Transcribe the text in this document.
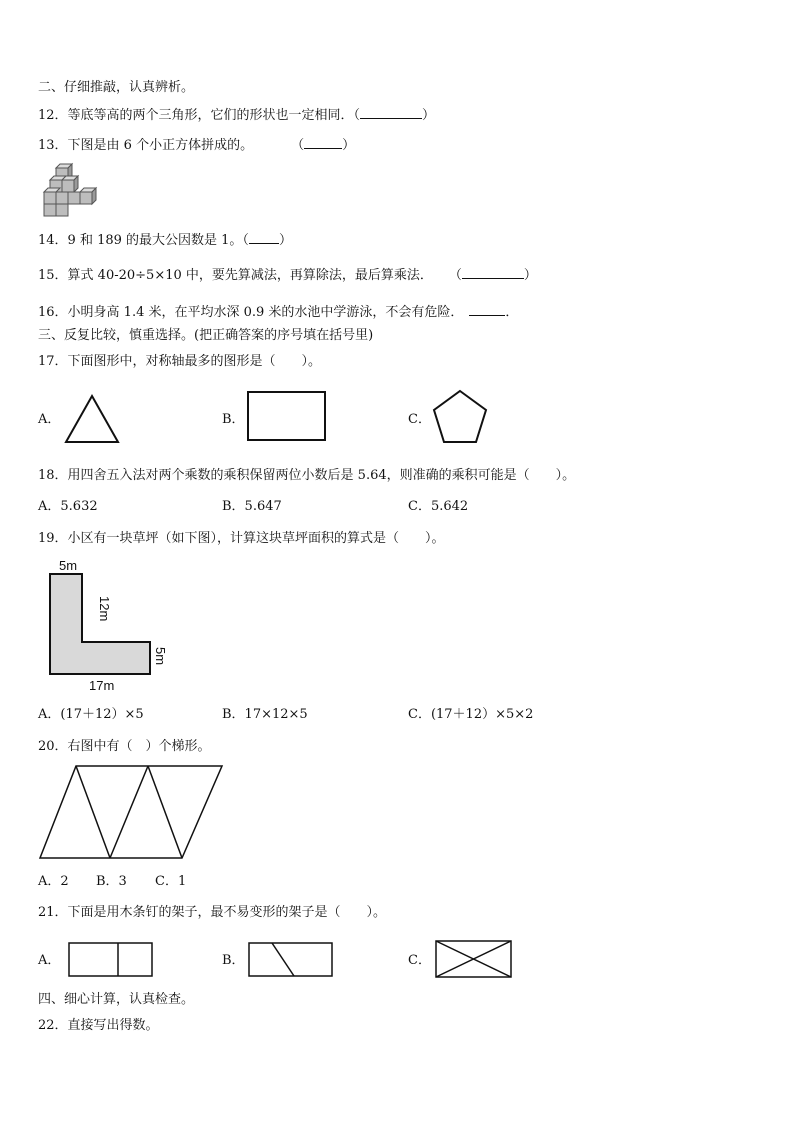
二、仔细推敲，认真辨析。
12．等底等高的两个三角形，它们的形状也一定相同．（	）
13．下图是由 6 个小正方体拼成的。	（	）
14．9 和 189 的最大公因数是 1。（ ）
15．算式 40-20÷5×10 中，要先算减法，再算除法，最后算乘法． （	）
16．小明身高 1.4 米，在平均水深 0.9 米的水池中学游泳，不会有危险．	．
三、反复比较，慎重选择。(把正确答案的序号填在括号里)
17．下面图形中，对称轴最多的图形是（　　）。
A．	B．	C．
18．用四舍五入法对两个乘数的乘积保留两位小数后是 5.64，则准确的乘积可能是（　　）。
A．5.632	B．5.647	C．5.642
19．小区有一块草坪（如下图），计算这块草坪面积的算式是（　　）。
5m
12m
5m
17m
A．(17＋12）×5	B．17×12×5	C．(17＋12）×5×2
20．右图中有（　）个梯形。
A．2 B．3 C．1
21．下面是用木条钉的架子，最不易变形的架子是（　　）。
A．	B．	C．
四、细心计算，认真检查。
22．直接写出得数。
